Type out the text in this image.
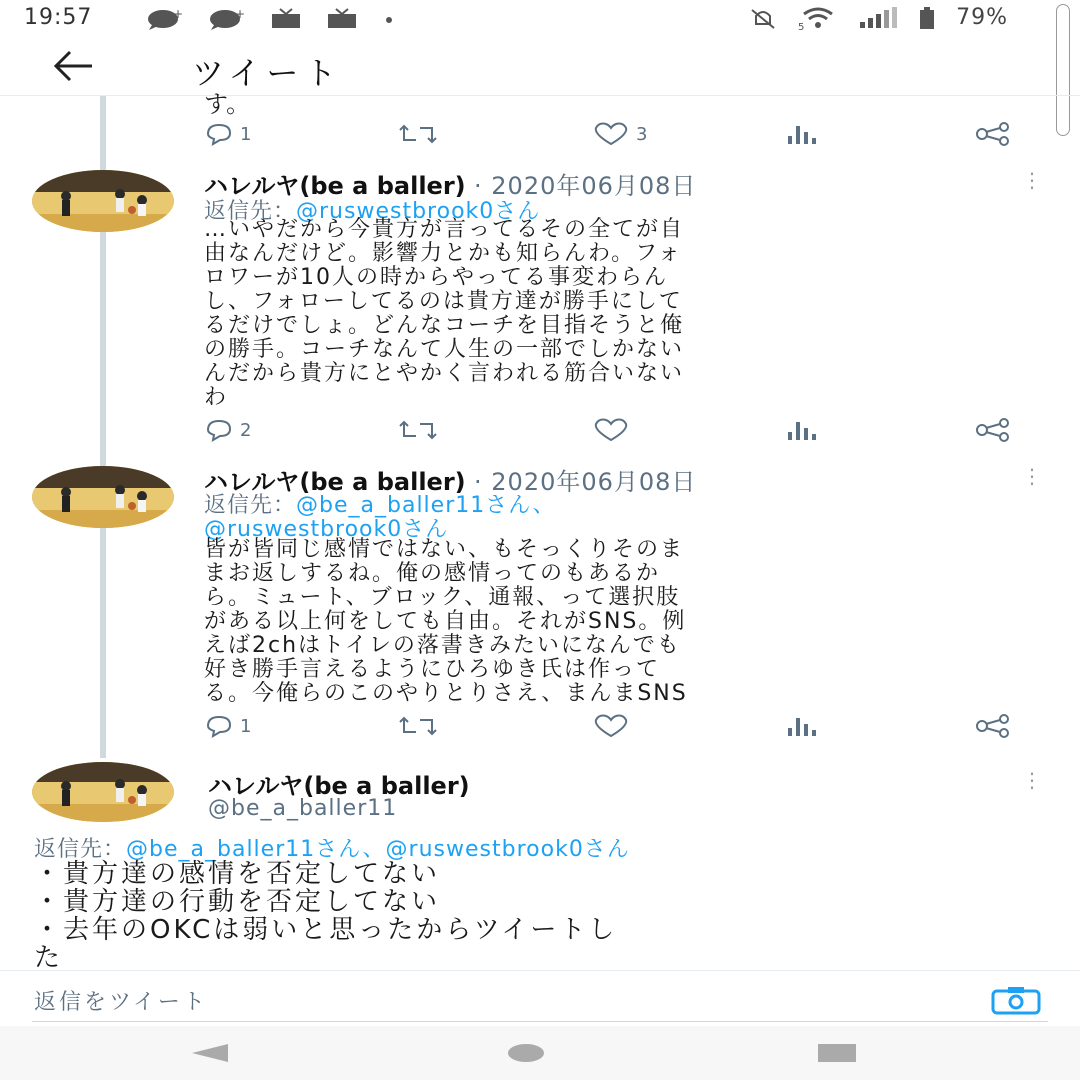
19:57	+	+
5	79%
ツイート
す。
1	3
ハレルヤ(be a baller) · 2020年06月08日	⋮
返信先：@ruswestbrook0さん
…いやだから今貴方が言ってるその全てが自
由なんだけど。影響力とかも知らんわ。フォ
ロワーが10人の時からやってる事変わらん
し、フォローしてるのは貴方達が勝手にして
るだけでしょ。どんなコーチを目指そうと俺
の勝手。コーチなんて人生の一部でしかない
んだから貴方にとやかく言われる筋合いない
わ
2
ハレルヤ(be a baller) · 2020年06月08日	⋮
返信先：@be_a_baller11さん、
@ruswestbrook0さん
皆が皆同じ感情ではない、もそっくりそのま
まお返しするね。俺の感情ってのもあるか
ら。ミュート、ブロック、通報、って選択肢
がある以上何をしても自由。それがSNS。例
えば2chはトイレの落書きみたいになんでも
好き勝手言えるようにひろゆき氏は作って
る。今俺らのこのやりとりさえ、まんまSNS
1
ハレルヤ(be a baller)	⋮
@be_a_baller11
返信先：@be_a_baller11さん、@ruswestbrook0さん
・貴方達の感情を否定してない
・貴方達の行動を否定してない
・去年のOKCは弱いと思ったからツイートし
た
返信をツイート
